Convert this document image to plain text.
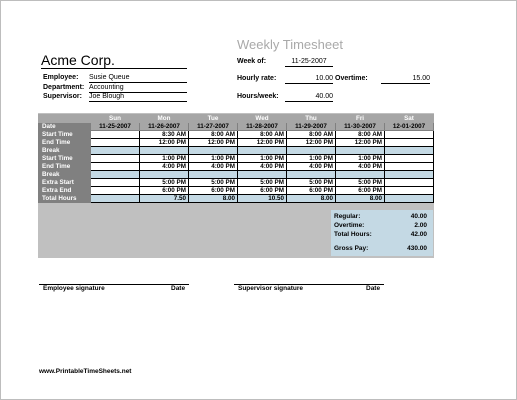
Weekly Timesheet
Acme Corp.
Employee: Susie Queue
Department: Accounting
Supervisor: Joe Blough
Week of:	11-25-2007
Hourly rate:	10.00 Overtime:	15.00
Hours/week:	40.00
	Sun	Mon	Tue	Wed	Thu	Fri	Sat
Date	11-25-2007	11-26-2007	11-27-2007	11-28-2007	11-29-2007	11-30-2007	12-01-2007
Start Time		8:30 AM	8:00 AM	8:00 AM	8:00 AM	8:00 AM	
End Time		12:00 PM	12:00 PM	12:00 PM	12:00 PM	12:00 PM	
Break							
Start Time		1:00 PM	1:00 PM	1:00 PM	1:00 PM	1:00 PM	
End Time		4:00 PM	4:00 PM	4:00 PM	4:00 PM	4:00 PM	
Break							
Extra Start		5:00 PM	5:00 PM	5:00 PM	5:00 PM	5:00 PM	
Extra End		6:00 PM	6:00 PM	6:00 PM	6:00 PM	6:00 PM	
Total Hours		7.50	8.00	10.50	8.00	8.00	
Regular:	40.00
Overtime:	2.00
Total Hours:	42.00
Gross Pay:	430.00
Employee signature	Date	Supervisor signature	Date
www.PrintableTimeSheets.net
